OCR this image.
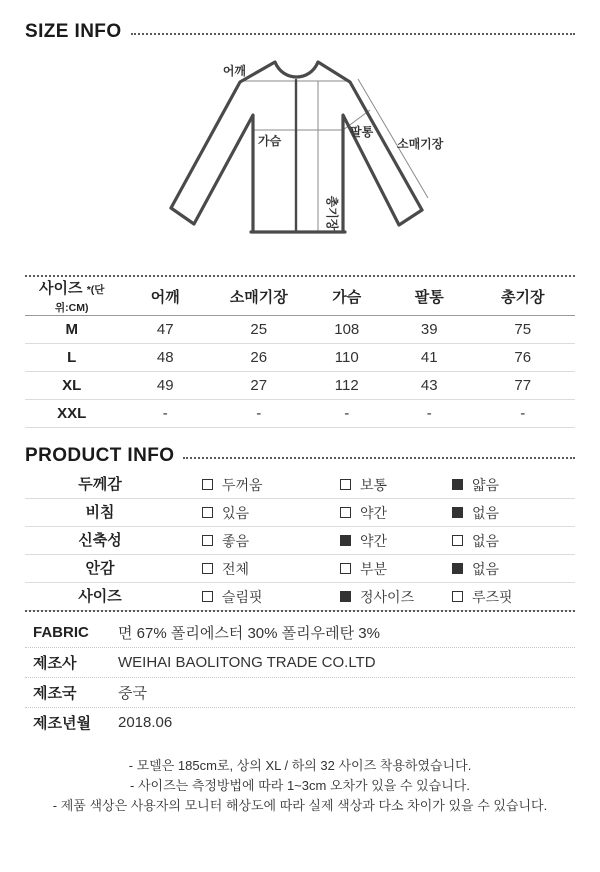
SIZE INFO
어깨
가슴
팔통
소매기장
총기장
사이즈 *(단위:CM)	어깨	소매기장	가슴	팔통	총기장
M	47	25	108	39	75
L	48	26	110	41	76
XL	49	27	112	43	77
XXL	-	-	-	-	-
PRODUCT INFO
두께감	두꺼움	보통	얇음
비침	있음	약간	없음
신축성	좋음	약간	없음
안감	전체	부분	없음
사이즈	슬림핏	정사이즈	루즈핏
FABRIC	면 67% 폴리에스터 30% 폴리우레탄 3%
제조사	WEIHAI BAOLITONG TRADE CO.LTD
제조국	중국
제조년월	2018.06
- 모델은 185cm로, 상의 XL / 하의 32 사이즈 착용하였습니다.
- 사이즈는 측정방법에 따라 1~3cm 오차가 있을 수 있습니다.
- 제품 색상은 사용자의 모니터 해상도에 따라 실제 색상과 다소 차이가 있을 수 있습니다.
